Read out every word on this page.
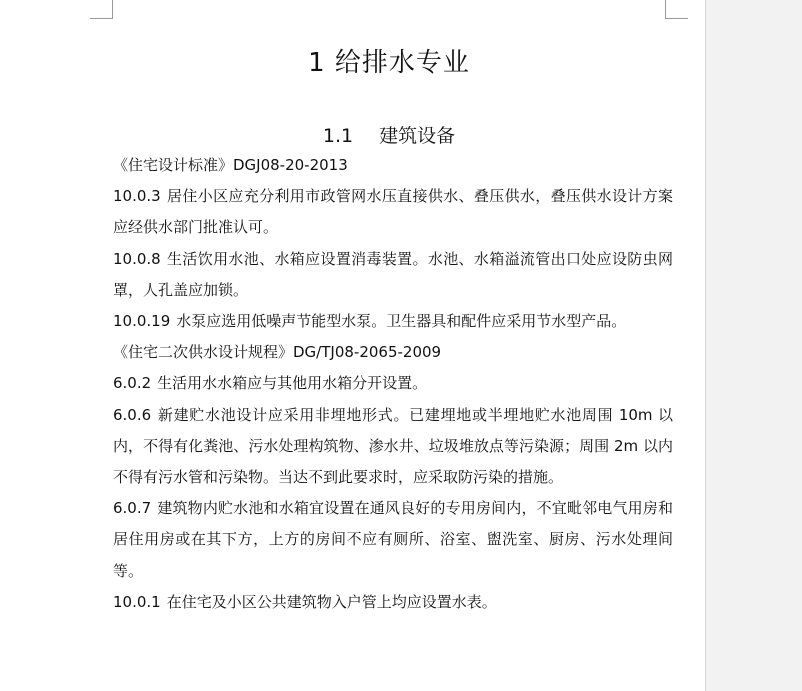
1 给排水专业
1.1 建筑设备

《住宅设计标准》DGJ08-20-2013

10.0.3 居住小区应充分利用市政管网水压直接供水、叠压供水，叠压供水设计方案应经供水部门批准认可。

10.0.8 生活饮用水池、水箱应设置消毒装置。水池、水箱溢流管出口处应设防虫网罩，人孔盖应加锁。

10.0.19 水泵应选用低噪声节能型水泵。卫生器具和配件应采用节水型产品。

《住宅二次供水设计规程》DG/TJ08-2065-2009

6.0.2 生活用水水箱应与其他用水箱分开设置。

6.0.6 新建贮水池设计应采用非埋地形式。已建埋地或半埋地贮水池周围 10m 以内，不得有化粪池、污水处理构筑物、渗水井、垃圾堆放点等污染源；周围 2m 以内不得有污水管和污染物。当达不到此要求时，应采取防污染的措施。

6.0.7 建筑物内贮水池和水箱宜设置在通风良好的专用房间内，不宜毗邻电气用房和居住用房或在其下方，上方的房间不应有厕所、浴室、盥洗室、厨房、污水处理间等。

10.0.1 在住宅及小区公共建筑物入户管上均应设置水表。
